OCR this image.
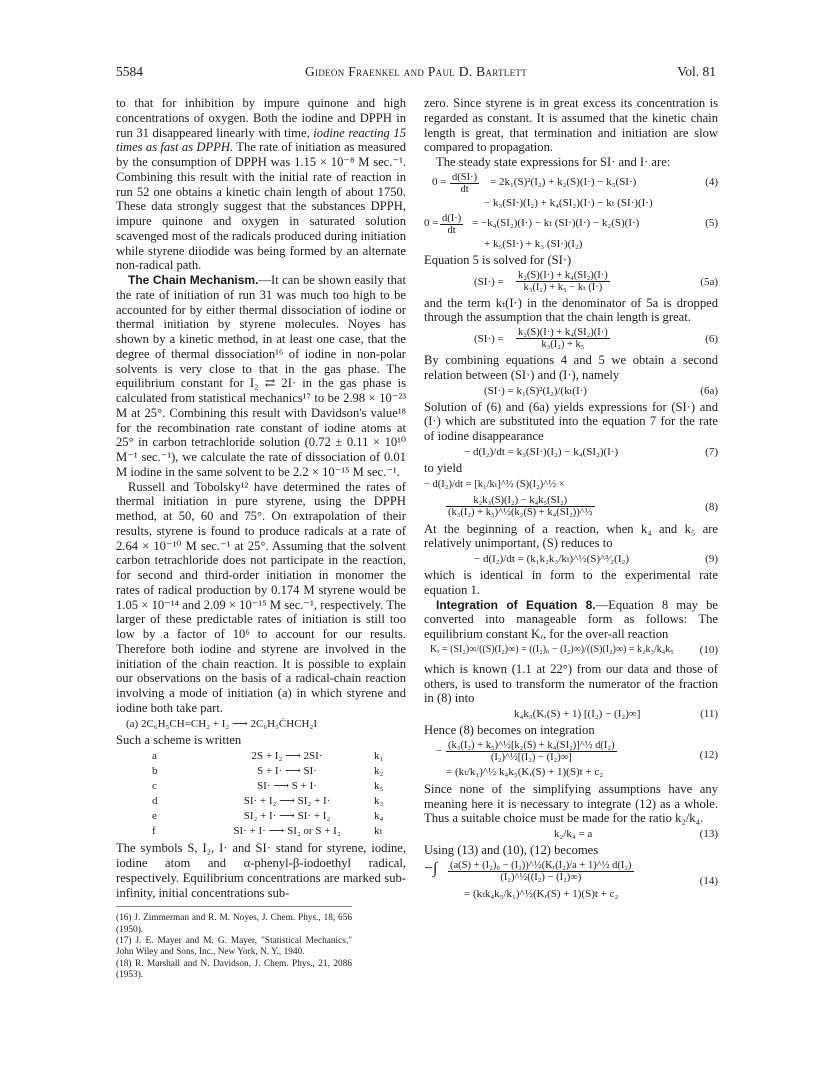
5584	Gideon Fraenkel and Paul D. Bartlett	Vol. 81

to that for inhibition by impure quinone and high concentrations of oxygen. Both the iodine and DPPH in run 31 disappeared linearly with time, iodine reacting 15 times as fast as DPPH. The rate of initiation as measured by the consumption of DPPH was 1.15 × 10⁻⁸ M sec.⁻¹. Combining this result with the initial rate of reaction in run 52 one obtains a kinetic chain length of about 1750. These data strongly suggest that the substances DPPH, impure quinone and oxygen in saturated solution scavenged most of the radicals produced during initiation while styrene diiodide was being formed by an alternate non-radical path.

The Chain Mechanism.—It can be shown easily that the rate of initiation of run 31 was much too high to be accounted for by either thermal dissociation of iodine or thermal initiation by styrene molecules. Noyes has shown by a kinetic method, in at least one case, that the degree of thermal dissociation¹⁶ of iodine in non-polar solvents is very close to that in the gas phase. The equilibrium constant for I₂ ⇄ 2I· in the gas phase is calculated from statistical mechanics¹⁷ to be 2.98 × 10⁻²³ M at 25°. Combining this result with Davidson's value¹⁸ for the recombination rate constant of iodine atoms at 25° in carbon tetrachloride solution (0.72 ± 0.11 × 10¹⁰ M⁻¹ sec.⁻¹), we calculate the rate of dissociation of 0.01 M iodine in the same solvent to be 2.2 × 10⁻¹⁵ M sec.⁻¹.

Russell and Tobolsky¹² have determined the rates of thermal initiation in pure styrene, using the DPPH method, at 50, 60 and 75°. On extrapolation of their results, styrene is found to produce radicals at a rate of 2.64 × 10⁻¹⁰ M sec.⁻¹ at 25°. Assuming that the solvent carbon tetrachloride does not participate in the reaction, for second and third-order initiation in monomer the rates of radical production by 0.174 M styrene would be 1.05 × 10⁻¹⁴ and 2.09 × 10⁻¹⁵ M sec.⁻¹, respectively. The larger of these predictable rates of initiation is still too low by a factor of 10⁶ to account for our results. Therefore both iodine and styrene are involved in the initiation of the chain reaction. It is possible to explain our observations on the basis of a radical-chain reaction involving a mode of initiation (a) in which styrene and iodine both take part.

(a) 2C₆H₅CH=CH₂ + I₂ ⟶ 2C₆H₅ĊHCH₂I

Such a scheme is written

a	2S + I₂ ⟶ 2SI·	k₁
b	S + I· ⟶ SI·	k₂
c	SI· ⟶ S + I·	k₅
d	SI· + I₂ ⟶ SI₂ + I·	k₃
e	SI₂ + I· ⟶ SI· + I₂	k₄
f	SI· + I· ⟶ SI₂ or S + I₂	kₜ

The symbols S, I₂, I· and SI· stand for styrene, iodine, iodine atom and α-phenyl-β-iodoethyl radical, respectively. Equilibrium concentrations are marked sub-infinity, initial concentrations sub-

(16) J. Zimmerman and R. M. Noyes, J. Chem. Phys., 18, 656 (1950).

(17) J. E. Mayer and M. G. Mayer, "Statistical Mechanics," John Wiley and Sons, Inc., New York, N. Y., 1940.

(18) R. Marshall and N. Davidson, J. Chem. Phys., 21, 2086 (1953).

zero. Since styrene is in great excess its concentration is regarded as constant. It is assumed that the kinetic chain length is great, that termination and initiation are slow compared to propagation.

The steady state expressions for SI· and I· are:

$0 = \frac{d(SI\cdot)}{dt} = 2k_1(S)^2(I_2) + k_2(S)(I\cdot) - k_5(SI\cdot)$	(4)
− k₃(SI·)(I₂) + k₄(SI₂)(I·) − kₜ (SI·)(I·)
$0 = \frac{d(I\cdot)}{dt} = -k_4(SI_2)(I\cdot) - k_t$ (SI·)(I·) − k₂(S)(I·)	(5)
+ k₅(SI·) + k₃ (SI·)(I₂)

Equation 5 is solved for (SI·)

$(SI\cdot) = \frac{\text{k₂(S)(I·) + k₄(SI₂)(I·)}}{\text{k₃(I₂) + k₅ − kₜ (I·)}}$	(5a)

and the term kₜ(I·) in the denominator of 5a is dropped through the assumption that the chain length is great.

$(SI\cdot) = \frac{\text{k₂(S)(I·) + k₄(SI₂)(I·)}}{\text{k₃(I₂) + k₅}}$	(6)

By combining equations 4 and 5 we obtain a second relation between (SI·) and (I·), namely

(SI·) = k₁(S)²(I₂)/(kₜ(I·)	(6a)

Solution of (6) and (6a) yields expressions for (SI·) and (I·) which are substituted into the equation 7 for the rate of iodine disappearance

− d(I₂)/dt = k₃(SI·)(I₂) − k₄(SI₂)(I·)	(7)

to yield

− d(I₂)/dt = [k₁/kₜ]^½ (S)(I₂)^½ ×
$\frac{\text{k₂k₃(S)(I₂) − k₄k₅(SI₂)}}{\text{(k₃(I₂) + k₅)\textasciicircum{}½(k₂(S) + k₄(SI₂))\textasciicircum{}½}}$	(8)

At the beginning of a reaction, when k₄ and k₅ are relatively unimportant, (S) reduces to

− d(I₂)/dt = (k₁k₂k₃/kₜ)^½(S)^³⁄₂(I₂)	(9)

which is identical in form to the experimental rate equation 1.

Integration of Equation 8.—Equation 8 may be converted into manageable form as follows: The equilibrium constant Kᵣ, for the over-all reaction

Kᵣ = (SI₂)∞/((S)(I₂)∞) = ((I₂)₀ − (I₂)∞)/((S)(I₂)∞) = k₂k₃/k₄k₅ (10)

which is known (1.1 at 22°) from our data and those of others, is used to transform the numerator of the fraction in (8) into

k₄k₅(Kᵣ(S) + 1) [(I₂) − (I₂)∞]	(11)

Hence (8) becomes on integration

− $\frac{\text{(k₃(I₂) + k₅)\textasciicircum{}½[k₂(S) + k₄(SI₂)]\textasciicircum{}½ d(I₂)}}{\text{(I₂)\textasciicircum{}½[(I₂) − (I₂)∞]}}$
= (kₜ/k₁)^½ k₄k₅(Kᵣ(S) + 1)(S)t + c₂
(12)

Since none of the simplifying assumptions have any meaning here it is necessary to integrate (12) as a whole. Thus a suitable choice must be made for the ratio k₂/k₄.

k₂/k₄ = a	(13)

Using (13) and (10), (12) becomes

−∫ $\frac{\text{(a(S) + (I₂)₀ − (I₂))\textasciicircum{}½(Kᵣ(I₂)/a + 1)\textasciicircum{}½ d(I₂)}}{\text{(I₂)\textasciicircum{}½((I₂) − (I₂)∞)}}$
= (kₜk₄k₅/k₁)^½(Kᵣ(S) + 1)(S)t + c₂
(14)
